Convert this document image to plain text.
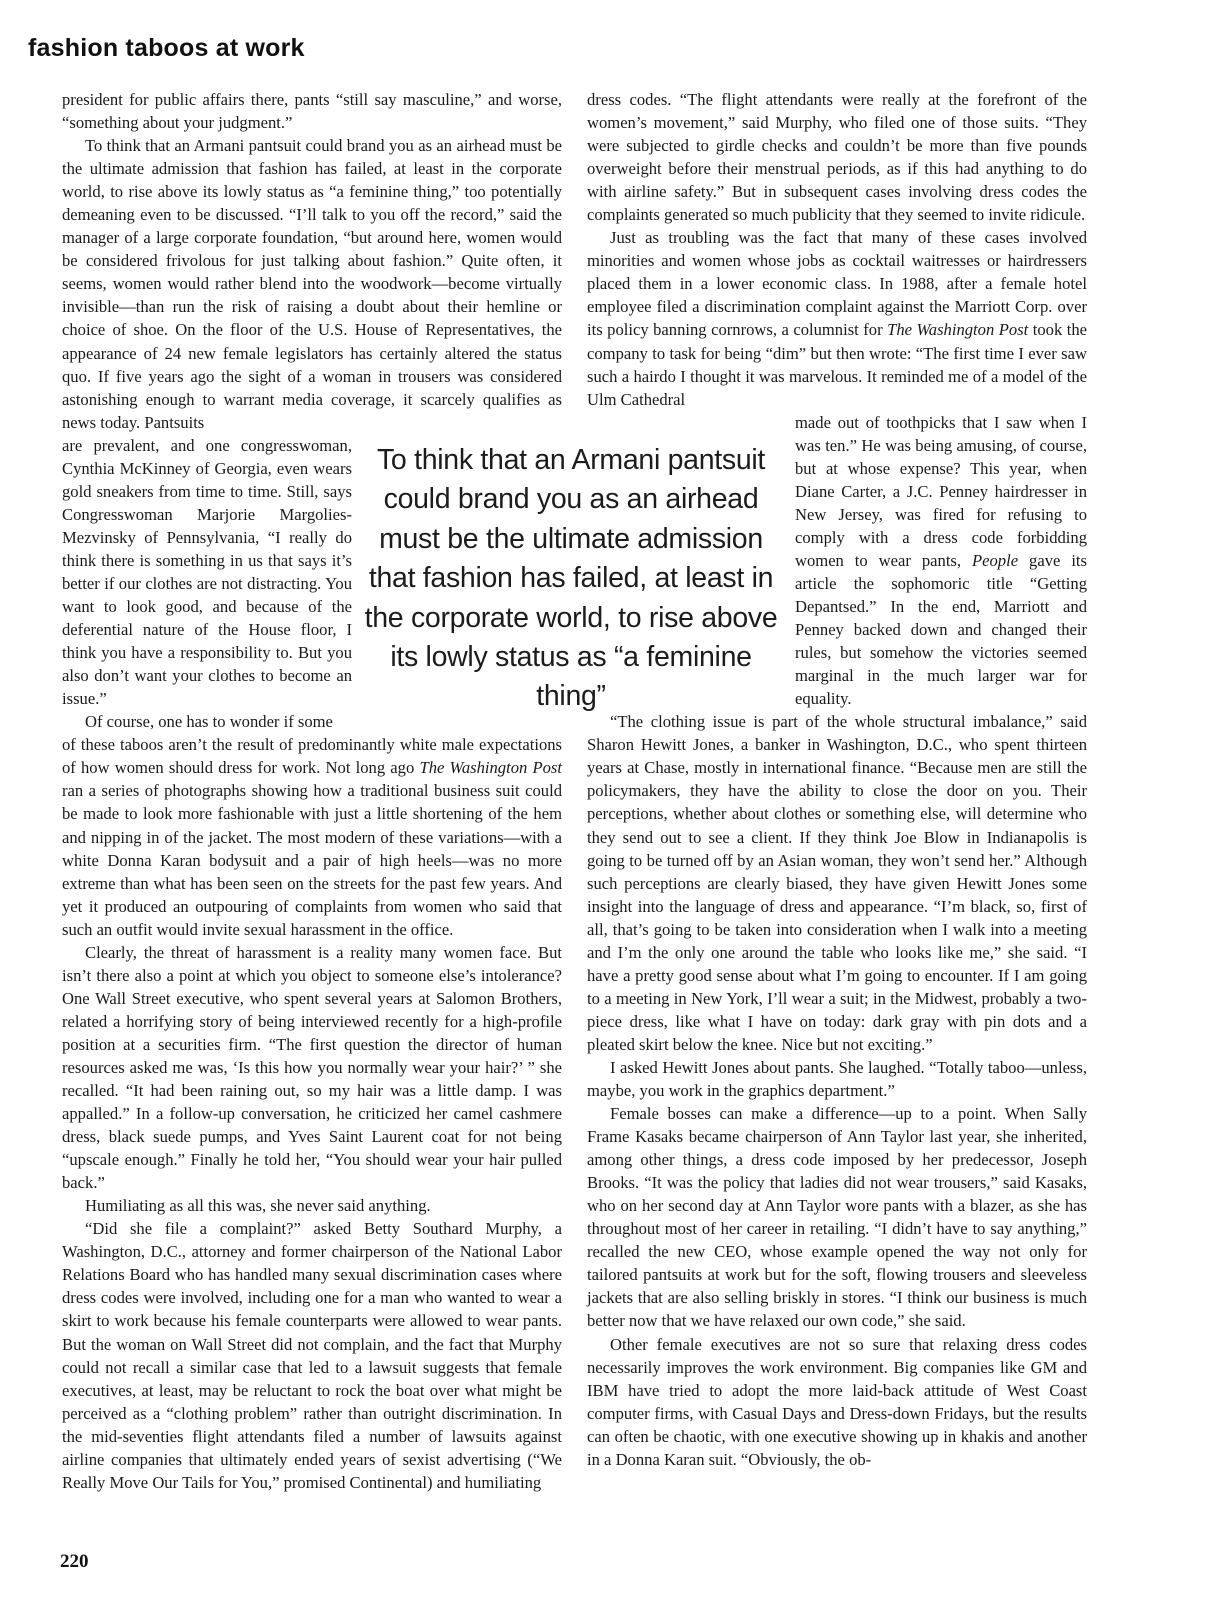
fashion taboos at work

president for public affairs there, pants “still say masculine,” and worse, “something about your judgment.”

To think that an Armani pantsuit could brand you as an airhead must be the ultimate admission that fashion has failed, at least in the corporate world, to rise above its lowly status as “a feminine thing,” too potentially demeaning even to be discussed. “I’ll talk to you off the record,” said the manager of a large corporate foundation, “but around here, women would be considered frivolous for just talking about fashion.” Quite often, it seems, women would rather blend into the woodwork—become virtually invisible—than run the risk of raising a doubt about their hemline or choice of shoe. On the floor of the U.S. House of Representatives, the appearance of 24 new female legislators has certainly altered the status quo. If five years ago the sight of a woman in trousers was considered astonishing enough to warrant media coverage, it scarcely qualifies as news today. Pantsuits

are prevalent, and one congresswoman, Cynthia McKinney of Georgia, even wears gold sneakers from time to time. Still, says Congresswoman Marjorie Margolies-Mezvinsky of Pennsylvania, “I really do think there is something in us that says it’s better if our clothes are not distracting. You want to look good, and because of the deferential nature of the House floor, I think you have a responsibility to. But you also don’t want your clothes to become an issue.”

Of course, one has to wonder if some

of these taboos aren’t the result of predominantly white male expectations of how women should dress for work. Not long ago The Washington Post ran a series of photographs showing how a traditional business suit could be made to look more fashionable with just a little shortening of the hem and nipping in of the jacket. The most modern of these variations—with a white Donna Karan bodysuit and a pair of high heels—was no more extreme than what has been seen on the streets for the past few years. And yet it produced an outpouring of complaints from women who said that such an outfit would invite sexual harassment in the office.

Clearly, the threat of harassment is a reality many women face. But isn’t there also a point at which you object to someone else’s intolerance? One Wall Street executive, who spent several years at Salomon Brothers, related a horrifying story of being interviewed recently for a high-profile position at a securities firm. “The first question the director of human resources asked me was, ‘Is this how you normally wear your hair?’ ” she recalled. “It had been raining out, so my hair was a little damp. I was appalled.” In a follow-up conversation, he criticized her camel cashmere dress, black suede pumps, and Yves Saint Laurent coat for not being “upscale enough.” Finally he told her, “You should wear your hair pulled back.”

Humiliating as all this was, she never said anything.

“Did she file a complaint?” asked Betty Southard Murphy, a Washington, D.C., attorney and former chairperson of the National Labor Relations Board who has handled many sexual discrimination cases where dress codes were involved, including one for a man who wanted to wear a skirt to work because his female counterparts were allowed to wear pants. But the woman on Wall Street did not complain, and the fact that Murphy could not recall a similar case that led to a lawsuit suggests that female executives, at least, may be reluctant to rock the boat over what might be perceived as a “clothing problem” rather than outright discrimination. In the mid-seventies flight attendants filed a number of lawsuits against airline companies that ultimately ended years of sexist advertising (“We Really Move Our Tails for You,” promised Continental) and humiliating

dress codes. “The flight attendants were really at the forefront of the women’s movement,” said Murphy, who filed one of those suits. “They were subjected to girdle checks and couldn’t be more than five pounds overweight before their menstrual periods, as if this had anything to do with airline safety.” But in subsequent cases involving dress codes the complaints generated so much publicity that they seemed to invite ridicule.

Just as troubling was the fact that many of these cases involved minorities and women whose jobs as cocktail waitresses or hairdressers placed them in a lower economic class. In 1988, after a female hotel employee filed a discrimination complaint against the Marriott Corp. over its policy banning cornrows, a columnist for The Washington Post took the company to task for being “dim” but then wrote: “The first time I ever saw such a hairdo I thought it was marvelous. It reminded me of a model of the Ulm Cathedral

made out of toothpicks that I saw when I was ten.” He was being amusing, of course, but at whose expense? This year, when Diane Carter, a J.C. Penney hairdresser in New Jersey, was fired for refusing to comply with a dress code forbidding women to wear pants, People gave its article the sophomoric title “Getting Depantsed.” In the end, Marriott and Penney backed down and changed their rules, but somehow the victories seemed marginal in the much larger war for equality.

“The clothing issue is part of the whole structural imbalance,” said Sharon Hewitt Jones, a banker in Washington, D.C., who spent thirteen years at Chase, mostly in international finance. “Because men are still the policymakers, they have the ability to close the door on you. Their perceptions, whether about clothes or something else, will determine who they send out to see a client. If they think Joe Blow in Indianapolis is going to be turned off by an Asian woman, they won’t send her.” Although such perceptions are clearly biased, they have given Hewitt Jones some insight into the language of dress and appearance. “I’m black, so, first of all, that’s going to be taken into consideration when I walk into a meeting and I’m the only one around the table who looks like me,” she said. “I have a pretty good sense about what I’m going to encounter. If I am going to a meeting in New York, I’ll wear a suit; in the Midwest, probably a two-piece dress, like what I have on today: dark gray with pin dots and a pleated skirt below the knee. Nice but not exciting.”

I asked Hewitt Jones about pants. She laughed. “Totally taboo—unless, maybe, you work in the graphics department.”

Female bosses can make a difference—up to a point. When Sally Frame Kasaks became chairperson of Ann Taylor last year, she inherited, among other things, a dress code imposed by her predecessor, Joseph Brooks. “It was the policy that ladies did not wear trousers,” said Kasaks, who on her second day at Ann Taylor wore pants with a blazer, as she has throughout most of her career in retailing. “I didn’t have to say anything,” recalled the new CEO, whose example opened the way not only for tailored pantsuits at work but for the soft, flowing trousers and sleeveless jackets that are also selling briskly in stores. “I think our business is much better now that we have relaxed our own code,” she said.

Other female executives are not so sure that relaxing dress codes necessarily improves the work environment. Big companies like GM and IBM have tried to adopt the more laid-back attitude of West Coast computer firms, with Casual Days and Dress-down Fridays, but the results can often be chaotic, with one executive showing up in khakis and another in a Donna Karan suit. “Obviously, the ob-

To think that an Armani pantsuit could brand you as an airhead must be the ultimate admission that fashion has failed, at least in the corporate world, to rise above its lowly status as “a feminine thing”
220
